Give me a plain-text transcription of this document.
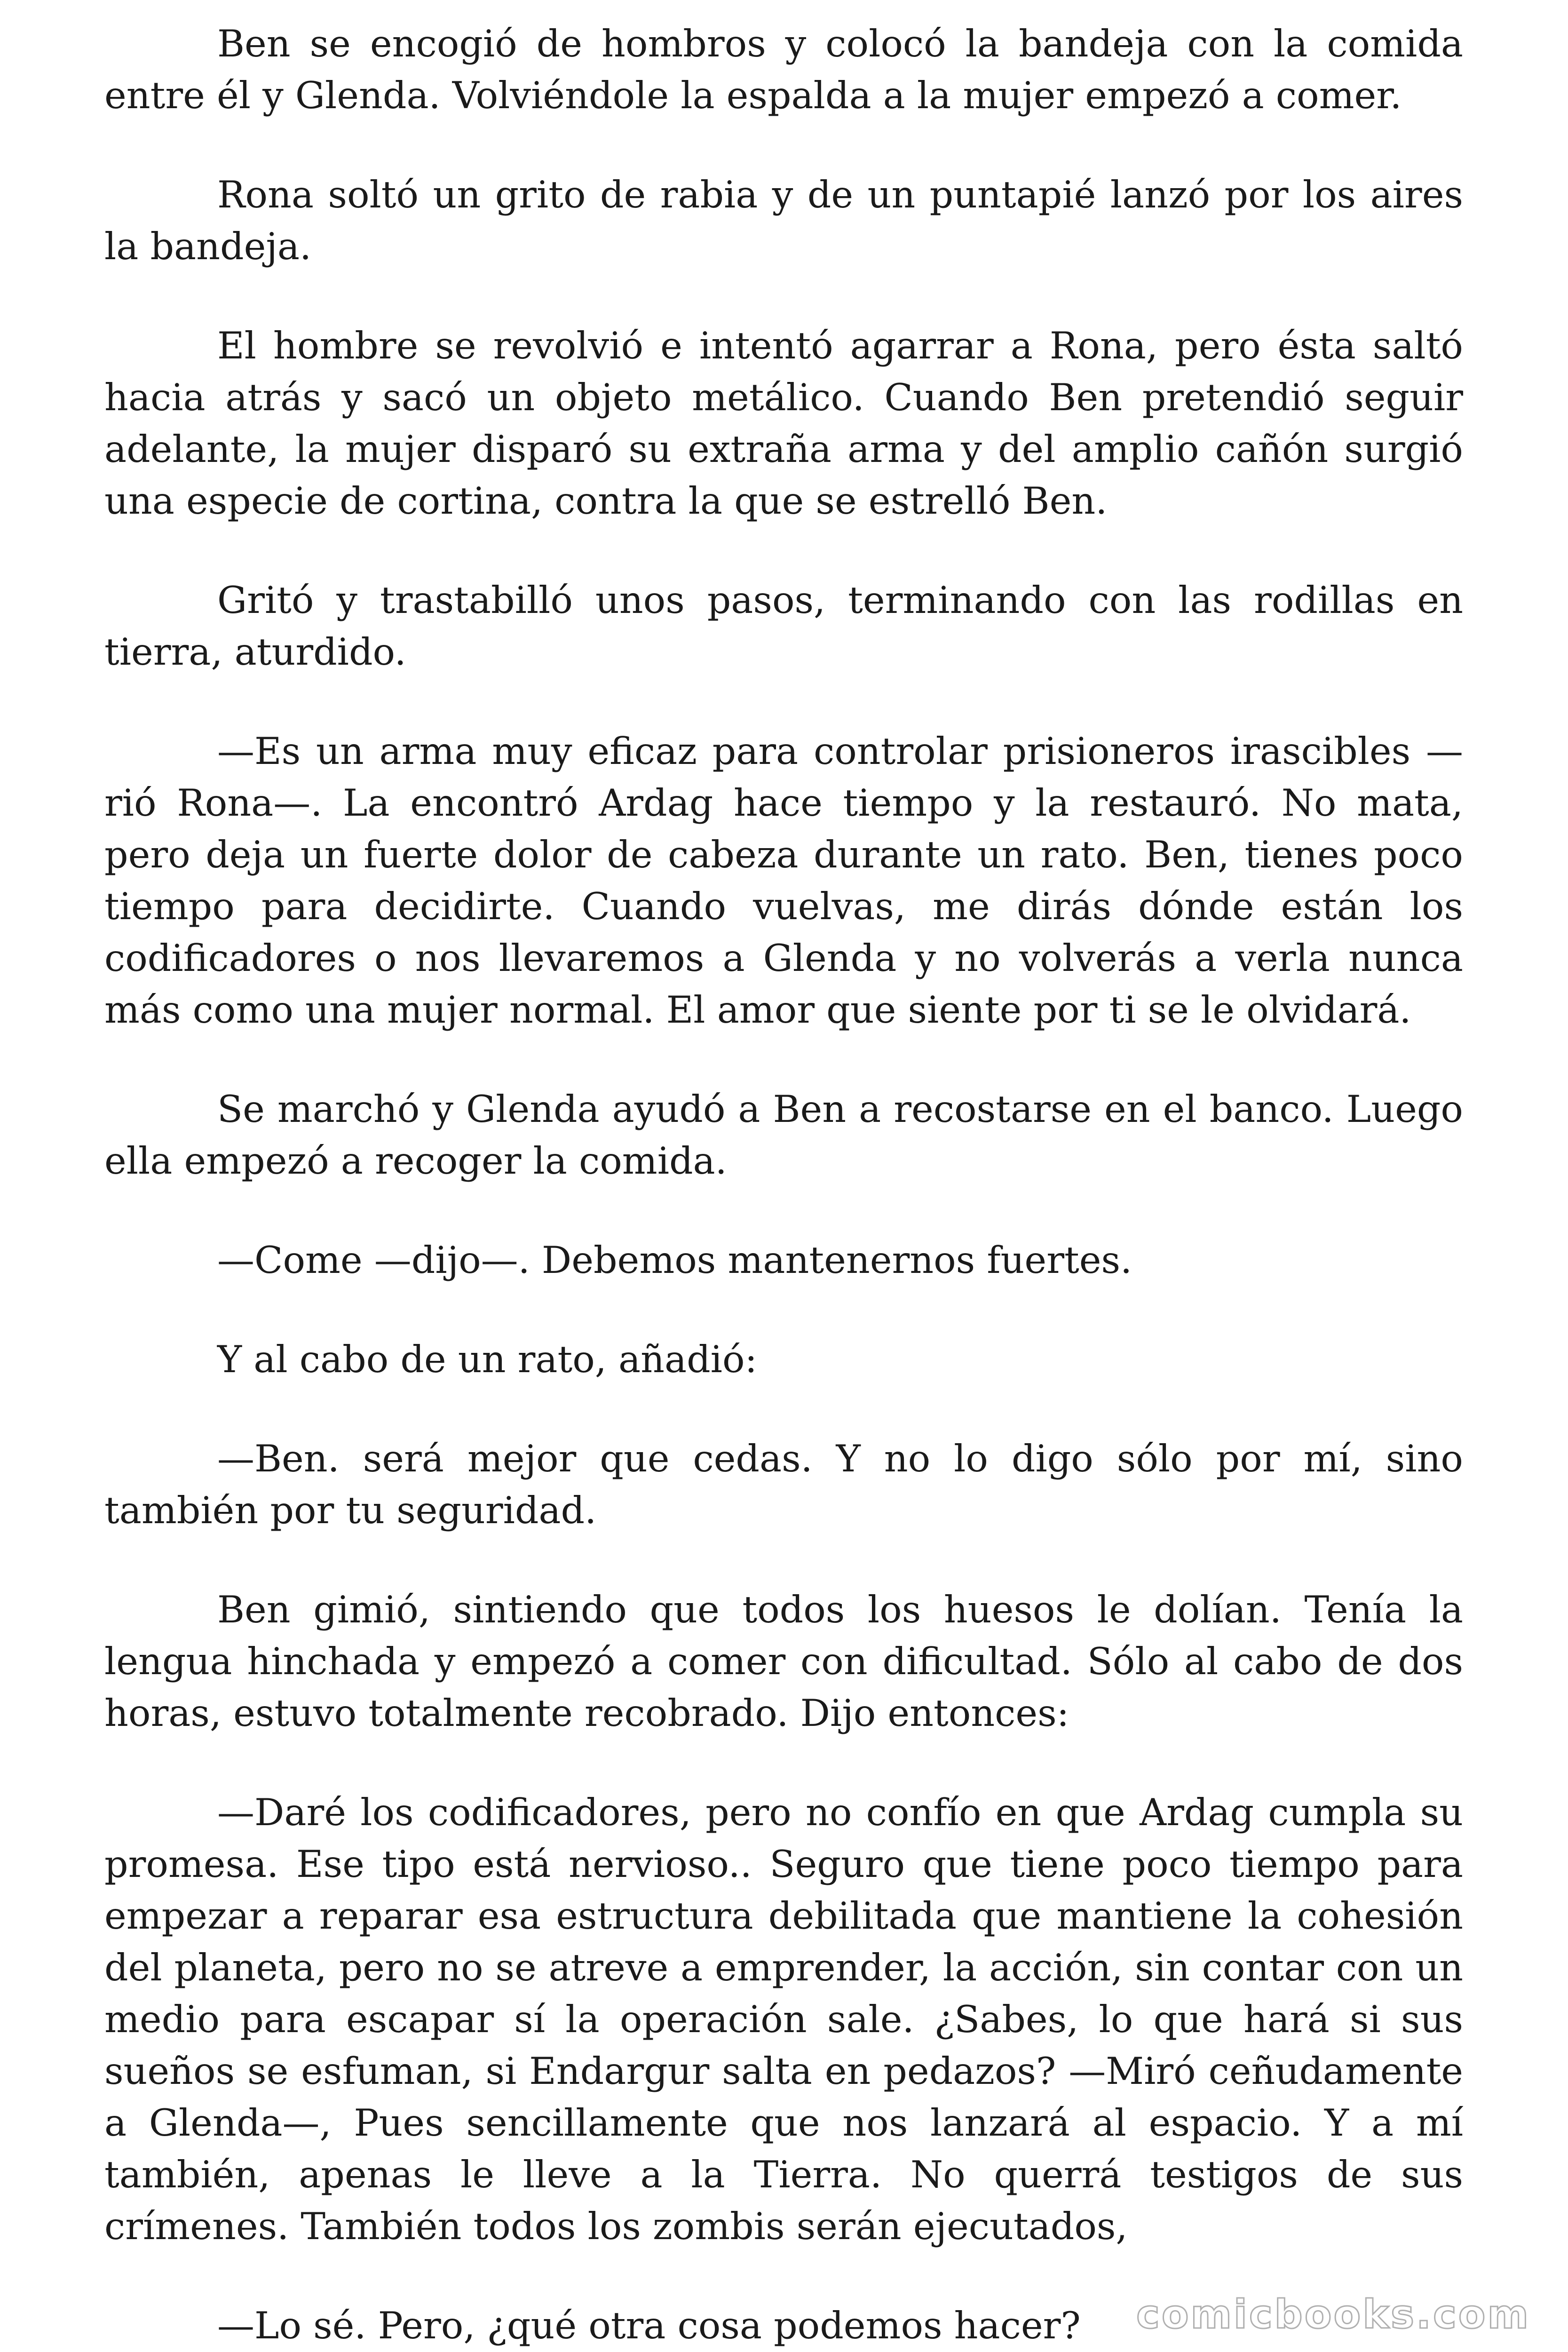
Ben se encogió de hombros y colocó la bandeja con la comida entre él y Glenda. Volviéndole la espalda a la mujer empezó a comer.

Rona soltó un grito de rabia y de un puntapié lanzó por los aires la bandeja.

El hombre se revolvió e intentó agarrar a Rona, pero ésta saltó hacia atrás y sacó un objeto metálico. Cuando Ben pretendió seguir adelante, la mujer disparó su extraña arma y del amplio cañón surgió una especie de cortina, contra la que se estrelló Ben.

Gritó y trastabilló unos pasos, terminando con las rodillas en tierra, aturdido.

—Es un arma muy eficaz para controlar prisioneros irascibles —rió Rona—. La encontró Ardag hace tiempo y la restauró. No mata, pero deja un fuerte dolor de cabeza durante un rato. Ben, tienes poco tiempo para decidirte. Cuando vuelvas, me dirás dónde están los codificadores o nos llevaremos a Glenda y no volverás a verla nunca más como una mujer normal. El amor que siente por ti se le olvidará.

Se marchó y Glenda ayudó a Ben a recostarse en el banco. Luego ella empezó a recoger la comida.

—Come —dijo—. Debemos mantenernos fuertes.

Y al cabo de un rato, añadió:

—Ben. será mejor que cedas. Y no lo digo sólo por mí, sino también por tu seguridad.

Ben gimió, sintiendo que todos los huesos le dolían. Tenía la lengua hinchada y empezó a comer con dificultad. Sólo al cabo de dos horas, estuvo totalmente recobrado. Dijo entonces:

—Daré los codificadores, pero no confío en que Ardag cumpla su promesa. Ese tipo está nervioso.. Seguro que tiene poco tiempo para empezar a reparar esa estructura debilitada que mantiene la cohesión del planeta, pero no se atreve a emprender, la acción, sin contar con un medio para escapar sí la operación sale. ¿Sabes, lo que hará si sus sueños se esfuman, si Endargur salta en pedazos? —Miró ceñudamente a Glenda—, Pues sencillamente que nos lanzará al espacio. Y a mí también, apenas le lleve a la Tierra. No querrá testigos de sus crímenes. También todos los zombis serán ejecutados,

—Lo sé. Pero, ¿qué otra cosa podemos hacer?	comicbooks.com
